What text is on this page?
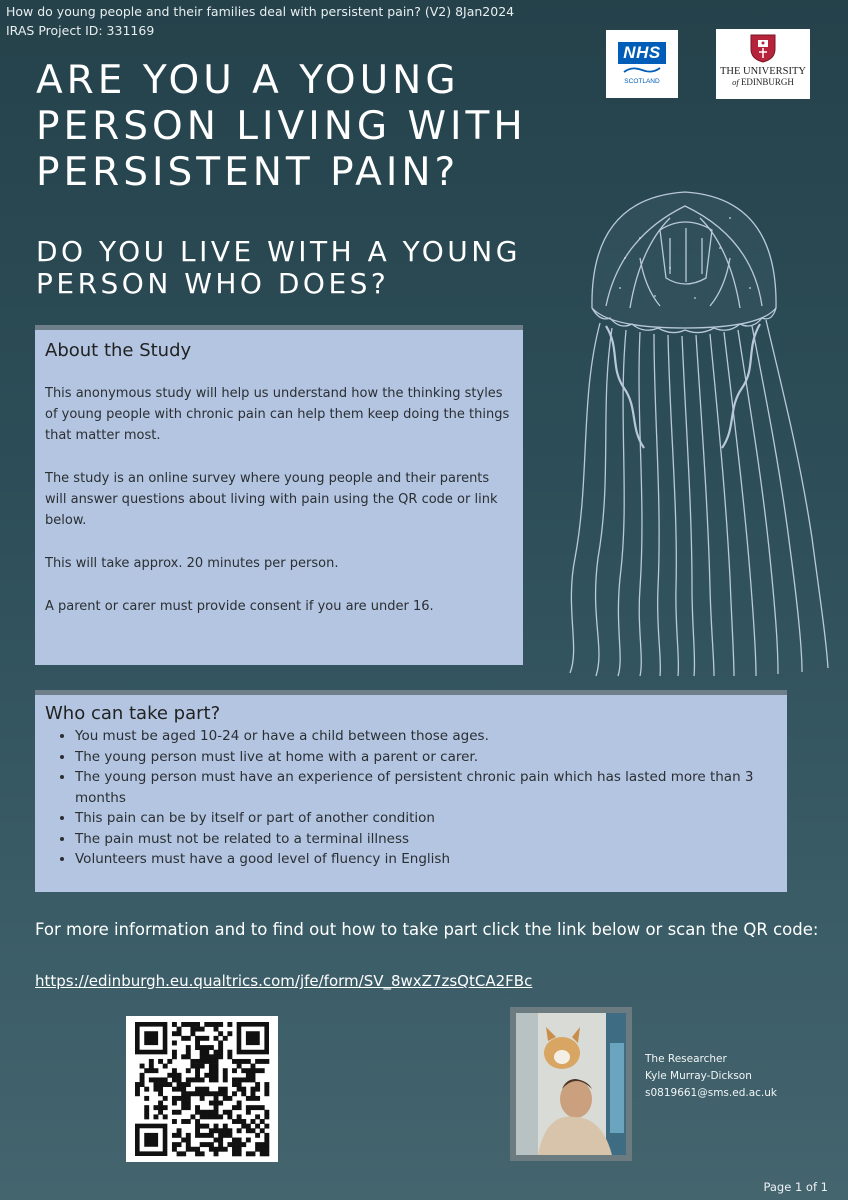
How do young people and their families deal with persistent pain? (V2) 8Jan2024
IRAS Project ID: 331169
NHS
SCOTLAND
THE UNIVERSITY
of EDINBURGH
ARE YOU A YOUNG
PERSON LIVING WITH
PERSISTENT PAIN?
DO YOU LIVE WITH A YOUNG
PERSON WHO DOES?
About the Study

This anonymous study will help us understand how the thinking styles of young people with chronic pain can help them keep doing the things that matter most.

The study is an online survey where young people and their parents will answer questions about living with pain using the QR code or link below.

This will take approx. 20 minutes per person.

A parent or carer must provide consent if you are under 16.

Who can take part?
• You must be aged 10-24 or have a child between those ages.
• The young person must live at home with a parent or carer.
• The young person must have an experience of persistent chronic pain which has lasted more than 3 months
• This pain can be by itself or part of another condition
• The pain must not be related to a terminal illness
• Volunteers must have a good level of fluency in English

For more information and to find out how to take part click the link below or scan the QR code:

https://edinburgh.eu.qualtrics.com/jfe/form/SV_8wxZ7zsQtCA2FBc
The Researcher
Kyle Murray-Dickson
s0819661@sms.ed.ac.uk
Page 1 of 1
